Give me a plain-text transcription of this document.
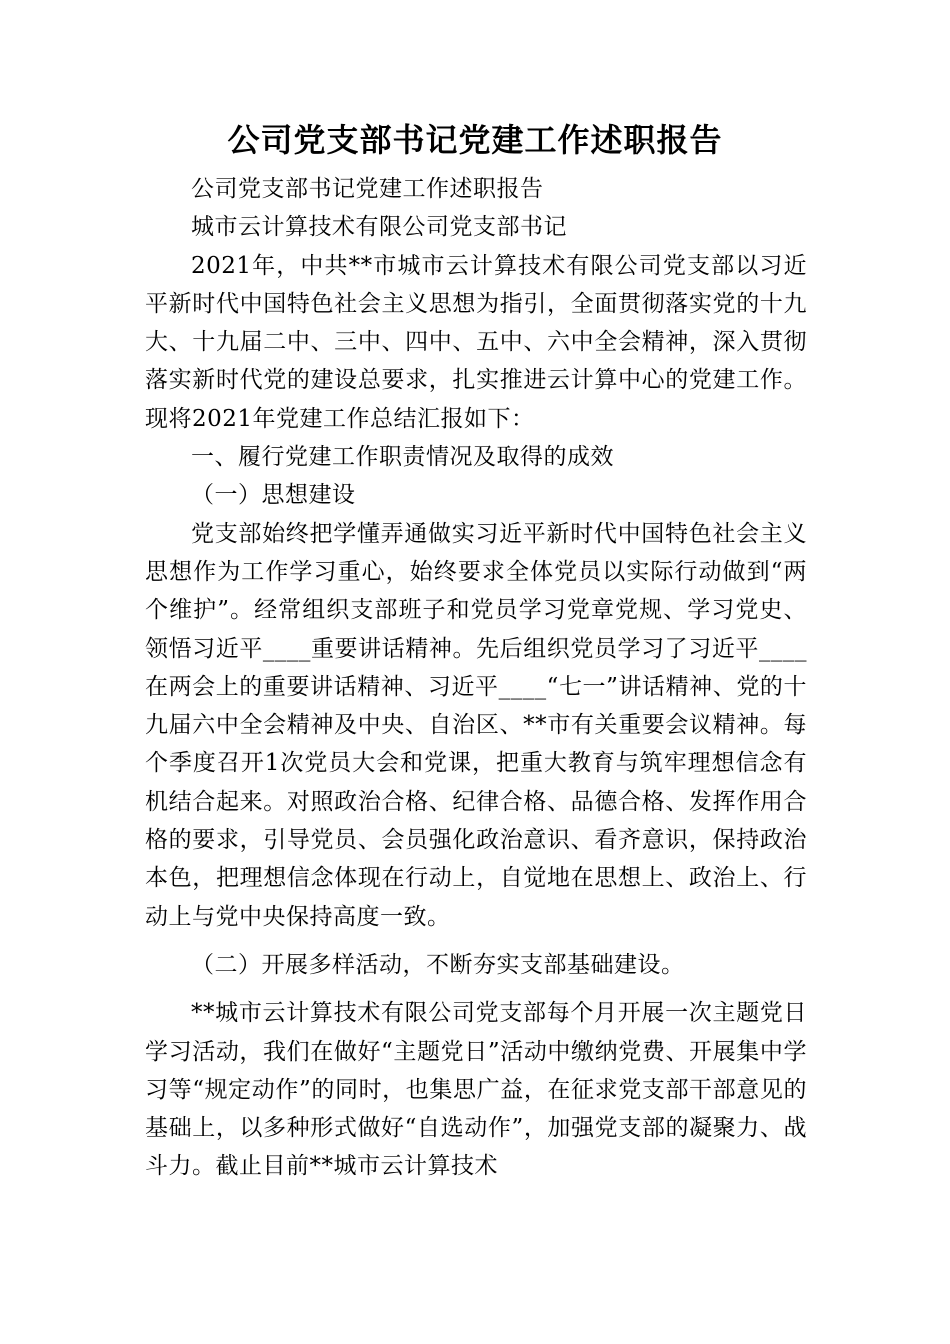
公司党支部书记党建工作述职报告

公司党支部书记党建工作述职报告

城市云计算技术有限公司党支部书记

2021年，中共**市城市云计算技术有限公司党支部以习近平新时代中国特色社会主义思想为指引，全面贯彻落实党的十九大、十九届二中、三中、四中、五中、六中全会精神，深入贯彻落实新时代党的建设总要求，扎实推进云计算中心的党建工作。现将2021年党建工作总结汇报如下：

一、履行党建工作职责情况及取得的成效

（一）思想建设

党支部始终把学懂弄通做实习近平新时代中国特色社会主义思想作为工作学习重心，始终要求全体党员以实际行动做到“两个维护”。经常组织支部班子和党员学习党章党规、学习党史、领悟习近平____重要讲话精神。先后组织党员学习了习近平____在两会上的重要讲话精神、习近平____“七一”讲话精神、党的十九届六中全会精神及中央、自治区、**市有关重要会议精神。每个季度召开1次党员大会和党课，把重大教育与筑牢理想信念有机结合起来。对照政治合格、纪律合格、品德合格、发挥作用合格的要求，引导党员、会员强化政治意识、看齐意识，保持政治本色，把理想信念体现在行动上，自觉地在思想上、政治上、行动上与党中央保持高度一致。

（二）开展多样活动，不断夯实支部基础建设。

**城市云计算技术有限公司党支部每个月开展一次主题党日学习活动，我们在做好“主题党日”活动中缴纳党费、开展集中学习等“规定动作”的同时，也集思广益，在征求党支部干部意见的基础上，以多种形式做好“自选动作”，加强党支部的凝聚力、战斗力。截止目前**城市云计算技术
